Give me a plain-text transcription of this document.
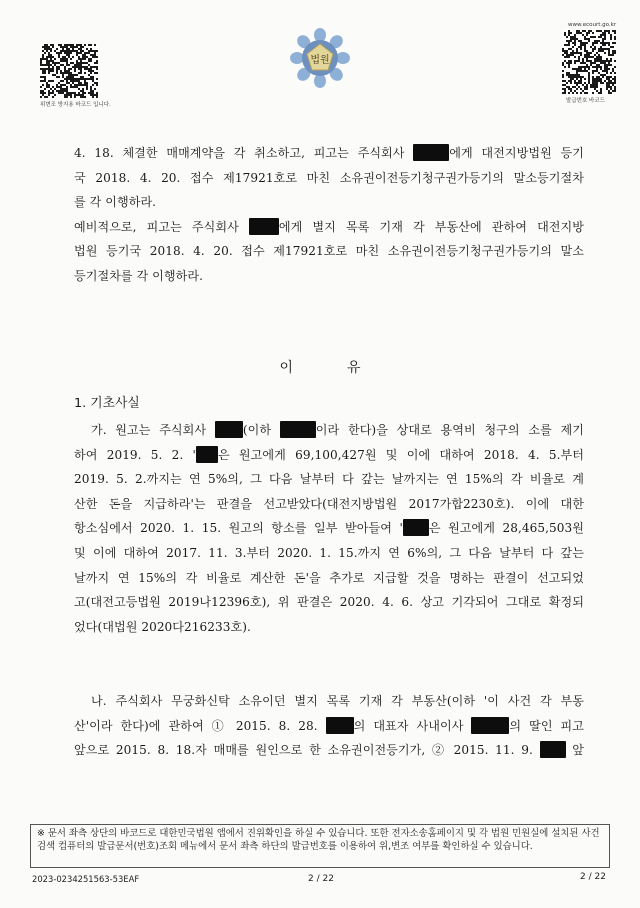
위변조 방지용 바코드 입니다.
법원
www.ecourt.go.kr
발급번호 바코드
4. 18. 체결한 매매계약을 각 취소하고, 피고는 주식회사	에게 대전지방법원 등기
국 2018. 4. 20. 접수 제17921호로 마친 소유권이전등기청구권가등기의 말소등기절차
를 각 이행하라.
예비적으로, 피고는 주식회사 에게 별지 목록 기재 각 부동산에 관하여 대전지방
법원 등기국 2018. 4. 20. 접수 제17921호로 마친 소유권이전등기청구권가등기의 말소
등기절차를 각 이행하라.
이	유
1. 기초사실
　가. 원고는 주식회사 (이하	이라 한다)을 상대로 용역비 청구의 소를 제기
하여 2019. 5. 2. ' 은 원고에게 69,100,427원 및 이에 대하여 2018. 4. 5.부터
2019. 5. 2.까지는 연 5%의, 그 다음 날부터 다 갚는 날까지는 연 15%의 각 비율로 계
산한 돈을 지급하라'는 판결을 선고받았다(대전지방법원 2017가합2230호). 이에 대한
항소심에서 2020. 1. 15. 원고의 항소를 일부 받아들여 ' 은 원고에게 28,465,503원
및 이에 대하여 2017. 11. 3.부터 2020. 1. 15.까지 연 6%의, 그 다음 날부터 다 갚는
날까지 연 15%의 각 비율로 계산한 돈'을 추가로 지급할 것을 명하는 판결이 선고되었
고(대전고등법원 2019나12396호), 위 판결은 2020. 4. 6. 상고 기각되어 그대로 확정되
었다(대법원 2020다216233호).
　나. 주식회사 무궁화신탁 소유이던 별지 목록 기재 각 부동산(이하 '이 사건 각 부동
산'이라 한다)에 관하여 ① 2015. 8. 28. 의 대표자 사내이사	의 딸인 피고
앞으로 2015. 8. 18.자 매매를 원인으로 한 소유권이전등기가, ② 2015. 11. 9.  앞
※ 문서 좌측 상단의 바코드로 대한민국법원 앱에서 진위확인을 하실 수 있습니다. 또한 전자소송홈페이지 및 각 법원 민원실에 설치된 사건검색 컴퓨터의 발급문서(번호)조회 메뉴에서 문서 좌측 하단의 발급번호를 이용하여 위,변조 여부를 확인하실 수 있습니다.
2023-0234251563-53EAF	2 / 22	2 / 22
